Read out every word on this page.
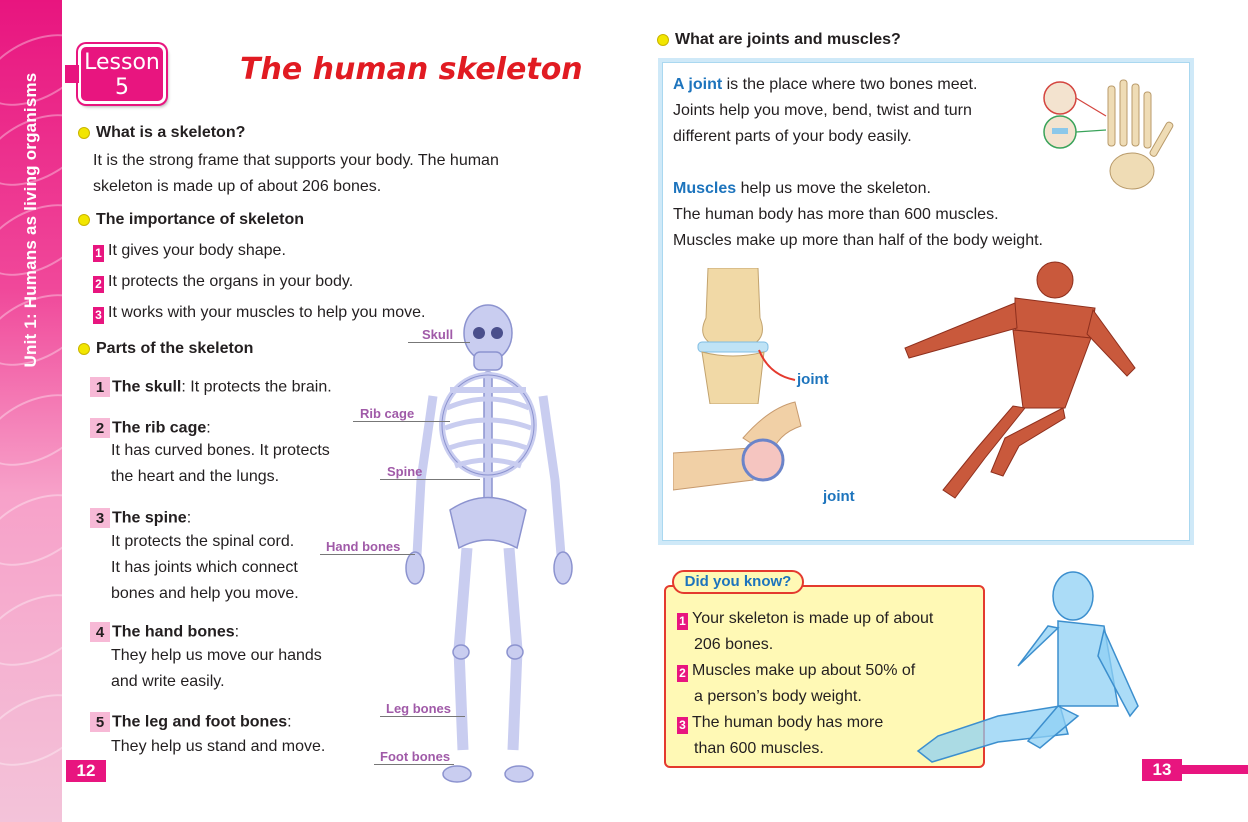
Unit 1: Humans as living organisms
Lesson
5
The human skeleton
What is a skeleton?
It is the strong frame that supports your body. The human
skeleton is made up of about 206 bones.
The importance of skeleton
1 It gives your body shape.
2 It protects the organs in your body.
3 It works with your muscles to help you move.
Parts of the skeleton
1 The skull: It protects the brain.
2 The rib cage:
It has curved bones. It protects
the heart and the lungs.
3 The spine:
It protects the spinal cord.
It has joints which connect
bones and help you move.
4 The hand bones:
They help us move our hands
and write easily.
5 The leg and foot bones:
They help us stand and move.
Skull
Rib cage
Spine
Hand bones
Leg bones
Foot bones
12
What are joints and muscles?
A joint is the place where two bones meet.
Joints help you move, bend, twist and turn
different parts of your body easily.
Muscles help us move the skeleton.
The human body has more than 600 muscles.
Muscles make up more than half of the body weight.
joint
joint
Did you know?
1 Your skeleton is made up of about
206 bones.
2 Muscles make up about 50% of
a person’s body weight.
3 The human body has more
than 600 muscles.
13
